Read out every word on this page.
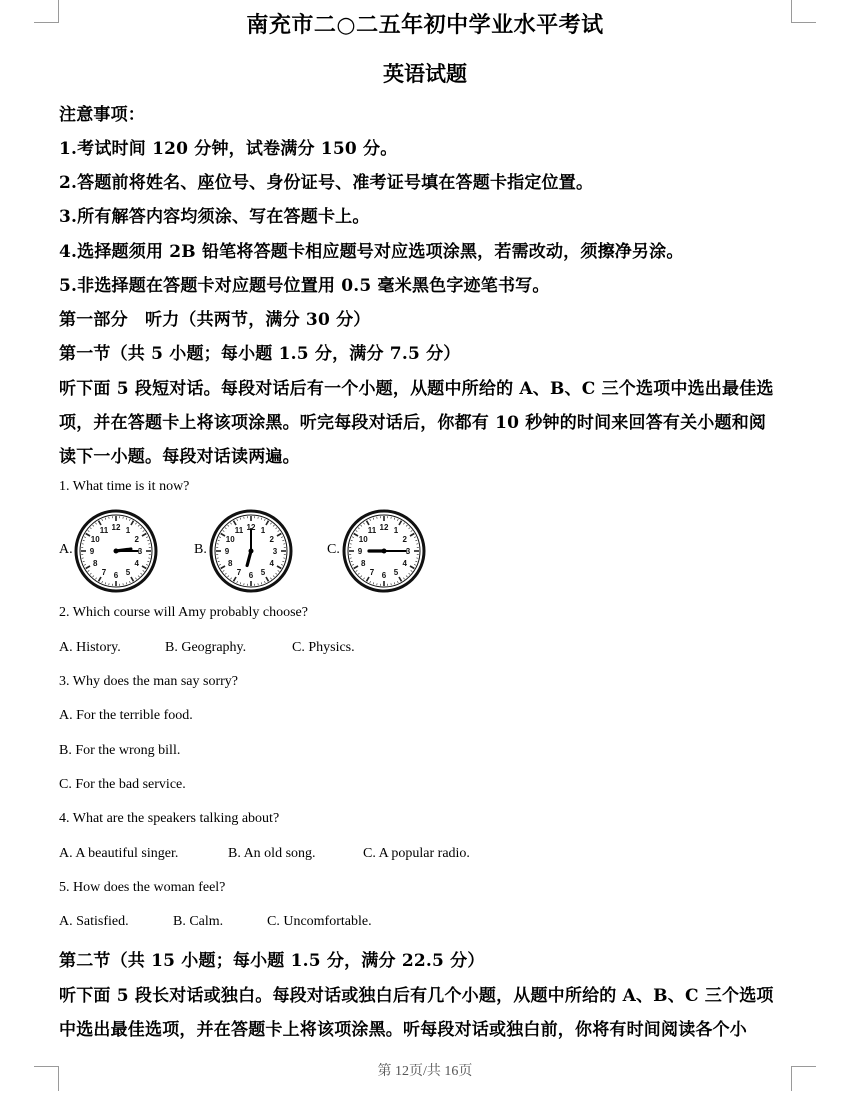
南充市二○二五年初中学业水平考试
英语试题
注意事项：
1.考试时间 120 分钟，试卷满分 150 分。
2.答题前将姓名、座位号、身份证号、准考证号填在答题卡指定位置。
3.所有解答内容均须涂、写在答题卡上。
4.选择题须用 2B 铅笔将答题卡相应题号对应选项涂黑，若需改动，须擦净另涂。
5.非选择题在答题卡对应题号位置用 0.5 毫米黑色字迹笔书写。
第一部分　听力（共两节，满分 30 分）
第一节（共 5 小题；每小题 1.5 分，满分 7.5 分）
听下面 5 段短对话。每段对话后有一个小题，从题中所给的 A、B、C 三个选项中选出最佳选
项，并在答题卡上将该项涂黑。听完每段对话后，你都有 10 秒钟的时间来回答有关小题和阅
读下一小题。每段对话读两遍。
1. What time is it now?
A.
1
2
3
4
5
6
7
8
9
10
11 12
B.
1
2
3
4
5
6
7
8
9
10
11 12
C.
1
2
3
4
5
6
7
8
9
10
11 12
2. Which course will Amy probably choose?
A. History.	B. Geography.	C. Physics.
3. Why does the man say sorry?
A. For the terrible food.
B. For the wrong bill.
C. For the bad service.
4. What are the speakers talking about?
A. A beautiful singer.	B. An old song.	C. A popular radio.
5. How does the woman feel?
A. Satisfied.	B. Calm.	C. Uncomfortable.
第二节（共 15 小题；每小题 1.5 分，满分 22.5 分）
听下面 5 段长对话或独白。每段对话或独白后有几个小题，从题中所给的 A、B、C 三个选项
中选出最佳选项，并在答题卡上将该项涂黑。听每段对话或独白前，你将有时间阅读各个小
第 12页/共 16页
